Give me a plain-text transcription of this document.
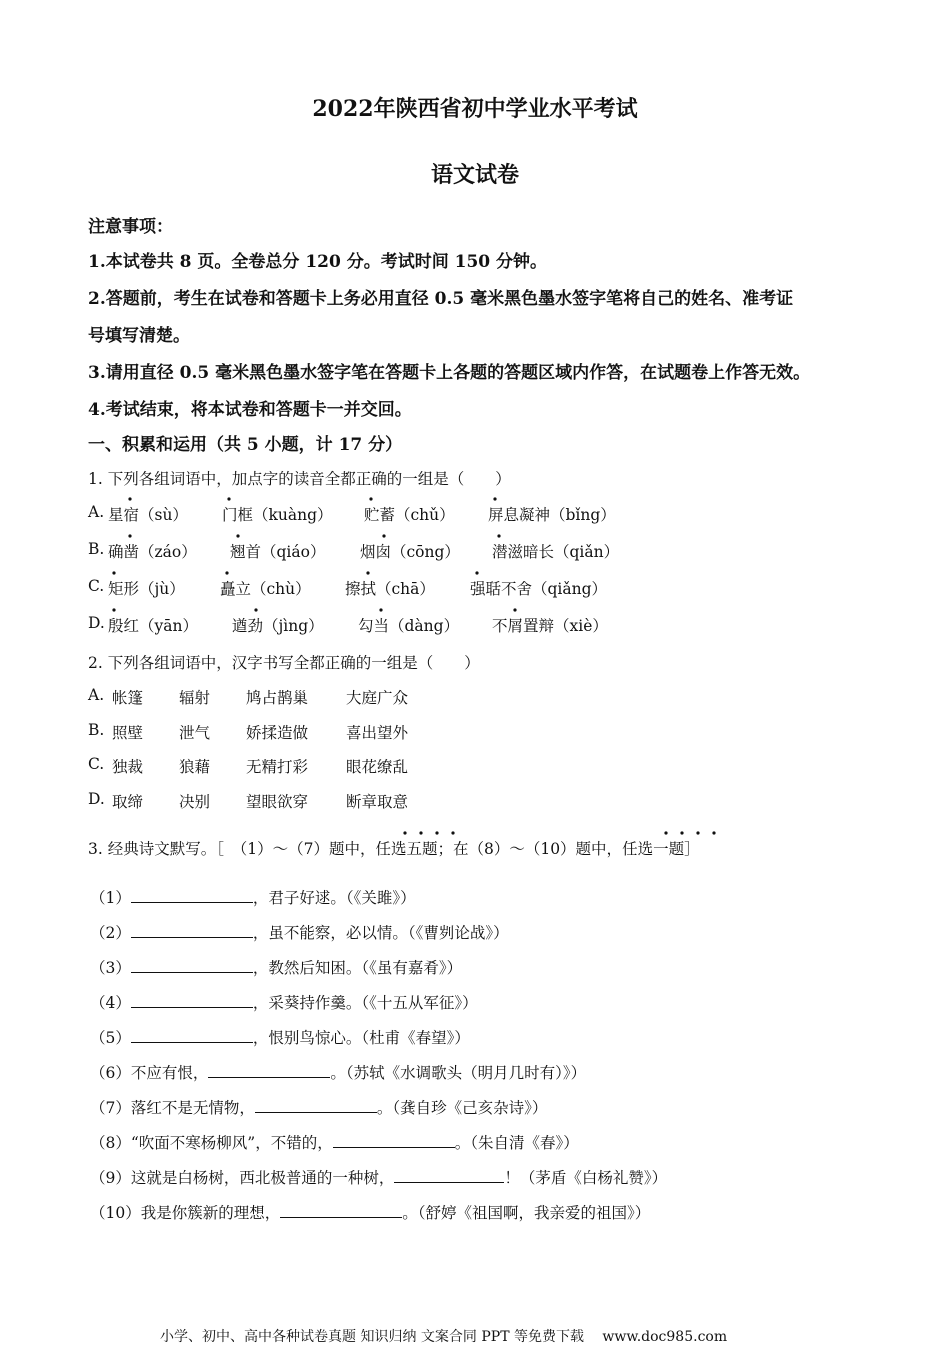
2022年陕西省初中学业水平考试
语文试卷
注意事项：
1.本试卷共 8 页。全卷总分 120 分。考试时间 150 分钟。
2.答题前，考生在试卷和答题卡上务必用直径 0.5 毫米黑色墨水签字笔将自己的姓名、准考证
号填写清楚。
3.请用直径 0.5 毫米黑色墨水签字笔在答题卡上各题的答题区域内作答，在试题卷上作答无效。
4.考试结束，将本试卷和答题卡一并交回。
一、积累和运用（共 5 小题，计 17 分）
1. 下列各组词语中，加点字的读音全都正确的一组是（　　）
A. 星宿（sù） 门框（kuàng） 贮蓄（chǔ） 屏息凝神（bǐng）
B. 确凿（záo） 翘首（qiáo） 烟囱（cōng） 潜滋暗长（qiǎn）
C. 矩形（jù） 矗立（chù） 擦拭（chā） 强聒不舍（qiǎng）
D. 殷红（yān） 遒劲（jìng） 勾当（dàng） 不屑置辩（xiè）
2. 下列各组词语中，汉字书写全都正确的一组是（　　）
A. 帐篷 辐射 鸠占鹊巢 大庭广众
B. 照壁 泄气 娇揉造做 喜出望外
C. 独裁 狼藉 无精打彩 眼花缭乱
D. 取缔 决别 望眼欲穿 断章取意
3. 经典诗文默写。［　（1）～（7）题中，任选五题；在（8）～（10）题中，任选一题］
（1）	，君子好逑。（《关雎》）
（2）	，虽不能察，必以情。（《曹刿论战》）
（3）	，教然后知困。（《虽有嘉肴》）
（4）	，采葵持作羹。（《十五从军征》）
（5）	，恨别鸟惊心。（杜甫《春望》）
（6）不应有恨，	。（苏轼《水调歌头（明月几时有）》）
（7）落红不是无情物，	。（龚自珍《己亥杂诗》）
（8）“吹面不寒杨柳风”，不错的，	。（朱自清《春》）
（9）这就是白杨树，西北极普通的一种树，	！（茅盾《白杨礼赞》）
（10）我是你簇新的理想，	。（舒婷《祖国啊，我亲爱的祖国》）
小学、初中、高中各种试卷真题 知识归纳 文案合同 PPT 等免费下载　 www.doc985.com
